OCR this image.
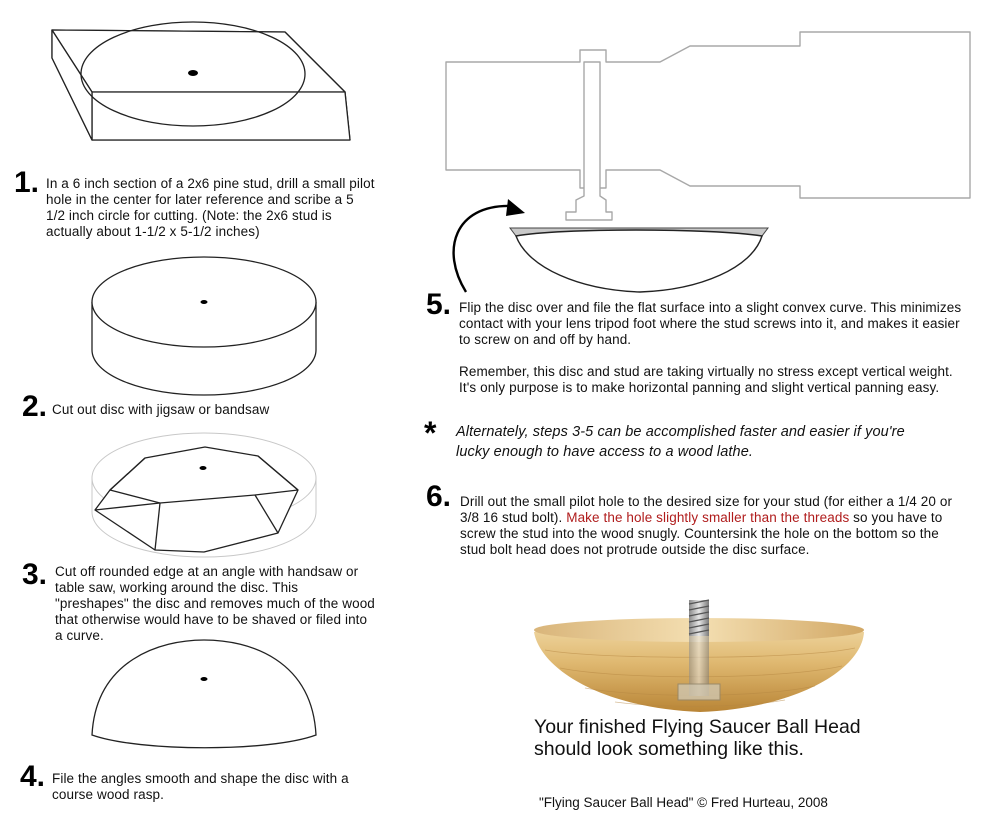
1. In a 6 inch section of a 2x6 pine stud, drill a small pilot hole in the center for later reference and scribe a 5 1/2 inch circle for cutting. (Note: the 2x6 stud is actually about 1-1/2 x 5-1/2 inches)
2. Cut out disc with jigsaw or bandsaw
3. Cut off rounded edge at an angle with handsaw or table saw, working around the disc. This "preshapes" the disc and removes much of the wood that otherwise would have to be shaved or filed into a curve.
4. File the angles smooth and shape the disc with a course wood rasp.
5. Flip the disc over and file the flat surface into a slight convex curve. This minimizes contact with your lens tripod foot where the stud screws into it, and makes it easier to screw on and off by hand.
Remember, this disc and stud are taking virtually no stress except vertical weight. It's only purpose is to make horizontal panning and slight vertical panning easy.
* Alternately, steps 3-5 can be accomplished faster and easier if you're lucky enough to have access to a wood lathe.
6. Drill out the small pilot hole to the desired size for your stud (for either a 1/4 20 or 3/8 16 stud bolt). Make the hole slightly smaller than the threads so you have to screw the stud into the wood snugly. Countersink the hole on the bottom so the stud bolt head does not protrude outside the disc surface.
Your finished Flying Saucer Ball Head should look something like this.
"Flying Saucer Ball Head" © Fred Hurteau, 2008
